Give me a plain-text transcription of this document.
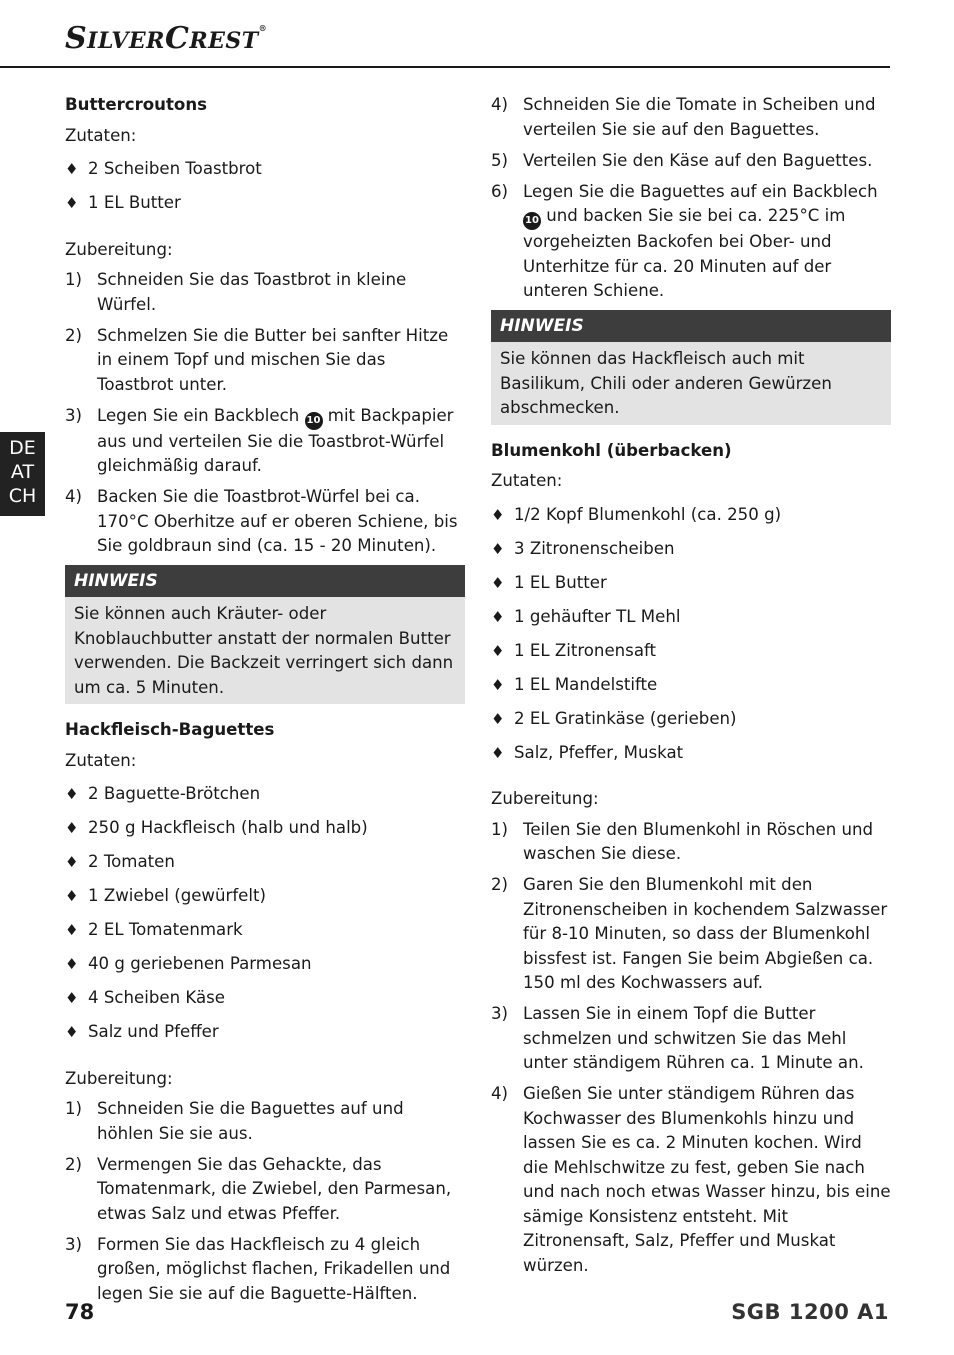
SILVERCREST®
DE
AT
CH
Buttercroutons
Zutaten:
♦ 2 Scheiben Toastbrot
♦ 1 EL Butter
Zubereitung:
1) Schneiden Sie das Toastbrot in kleine Würfel.
2) Schmelzen Sie die Butter bei sanfter Hitze in einem Topf und mischen Sie das Toastbrot unter.
3) Legen Sie ein Backblech 10 mit Backpapier aus und verteilen Sie die Toastbrot-Würfel gleichmäßig darauf.
4) Backen Sie die Toastbrot-Würfel bei ca. 170°C Oberhitze auf er oberen Schiene, bis Sie goldbraun sind (ca. 15 - 20 Minuten).
HINWEIS
Sie können auch Kräuter- oder Knoblauchbutter anstatt der normalen Butter verwenden. Die Backzeit verringert sich dann um ca. 5 Minuten.
Hackfleisch-Baguettes
Zutaten:
♦ 2 Baguette-Brötchen
♦ 250 g Hackfleisch (halb und halb)
♦ 2 Tomaten
♦ 1 Zwiebel (gewürfelt)
♦ 2 EL Tomatenmark
♦ 40 g geriebenen Parmesan
♦ 4 Scheiben Käse
♦ Salz und Pfeffer
Zubereitung:
1) Schneiden Sie die Baguettes auf und höhlen Sie sie aus.
2) Vermengen Sie das Gehackte, das Tomatenmark, die Zwiebel, den Parmesan, etwas Salz und etwas Pfeffer.
3) Formen Sie das Hackfleisch zu 4 gleich großen, möglichst flachen, Frikadellen und legen Sie sie auf die Baguette-Hälften.
4) Schneiden Sie die Tomate in Scheiben und verteilen Sie sie auf den Baguettes.
5) Verteilen Sie den Käse auf den Baguettes.
6) Legen Sie die Baguettes auf ein Backblech 10 und backen Sie sie bei ca. 225°C im vorgeheizten Backofen bei Ober- und Unterhitze für ca. 20 Minuten auf der unteren Schiene.
HINWEIS
Sie können das Hackfleisch auch mit Basilikum, Chili oder anderen Gewürzen abschmecken.
Blumenkohl (überbacken)
Zutaten:
♦ 1/2 Kopf Blumenkohl (ca. 250 g)
♦ 3 Zitronenscheiben
♦ 1 EL Butter
♦ 1 gehäufter TL Mehl
♦ 1 EL Zitronensaft
♦ 1 EL Mandelstifte
♦ 2 EL Gratinkäse (gerieben)
♦ Salz, Pfeffer, Muskat
Zubereitung:
1) Teilen Sie den Blumenkohl in Röschen und waschen Sie diese.
2) Garen Sie den Blumenkohl mit den Zitronenscheiben in kochendem Salzwasser für 8-10 Minuten, so dass der Blumenkohl bissfest ist. Fangen Sie beim Abgießen ca. 150 ml des Kochwassers auf.
3) Lassen Sie in einem Topf die Butter schmelzen und schwitzen Sie das Mehl unter ständigem Rühren ca. 1 Minute an.
4) Gießen Sie unter ständigem Rühren das Kochwasser des Blumenkohls hinzu und lassen Sie es ca. 2 Minuten kochen. Wird die Mehlschwitze zu fest, geben Sie nach und nach noch etwas Wasser hinzu, bis eine sämige Konsistenz entsteht. Mit Zitronensaft, Salz, Pfeffer und Muskat würzen.
78	SGB 1200 A1
